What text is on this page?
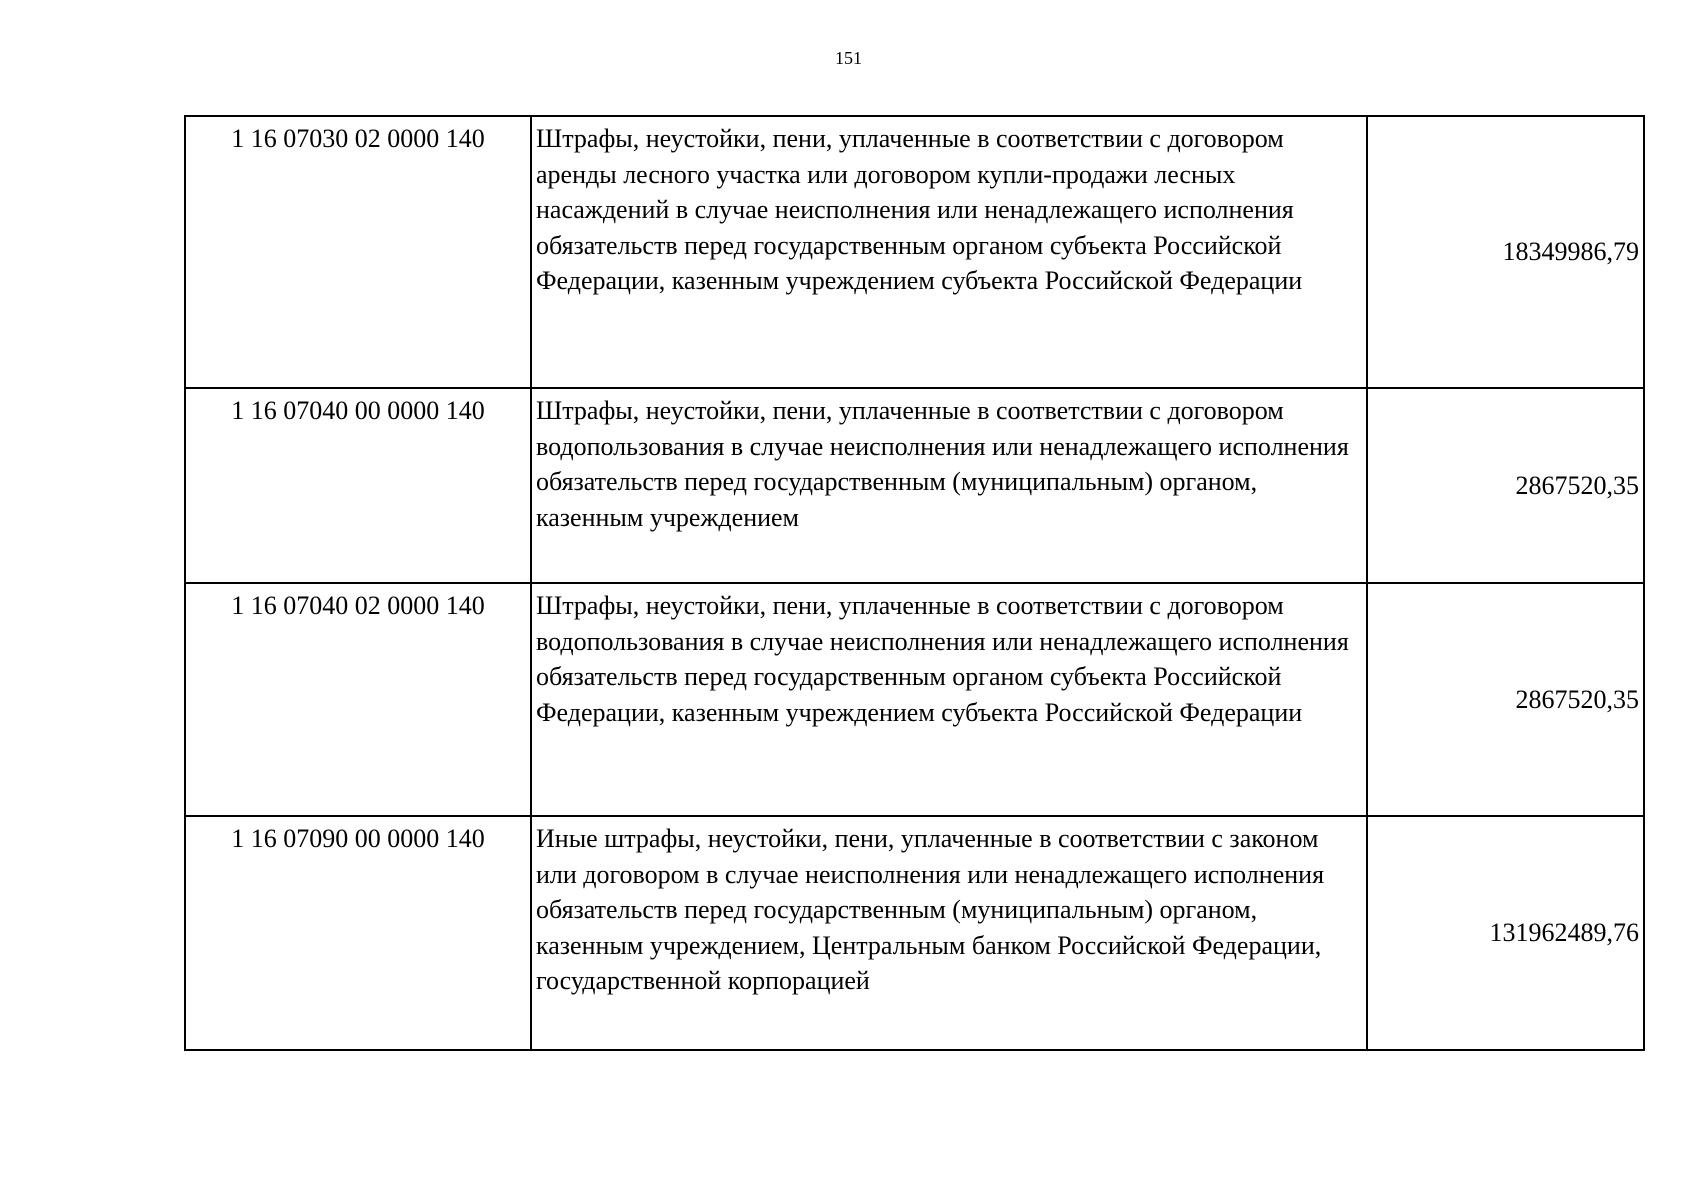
151
1 16 07030 02 0000 140	Штрафы, неустойки, пени, уплаченные в соответствии с договором аренды лесного участка или договором купли-продажи лесных насаждений в случае неисполнения или ненадлежащего исполнения обязательств перед государственным органом субъекта Российской Федерации, казенным учреждением субъекта Российской Федерации	18349986,79
1 16 07040 00 0000 140	Штрафы, неустойки, пени, уплаченные в соответствии с договором водопользования в случае неисполнения или ненадлежащего исполнения обязательств перед государственным (муниципальным) органом, казенным учреждением	2867520,35
1 16 07040 02 0000 140	Штрафы, неустойки, пени, уплаченные в соответствии с договором водопользования в случае неисполнения или ненадлежащего исполнения обязательств перед государственным органом субъекта Российской Федерации, казенным учреждением субъекта Российской Федерации	2867520,35
1 16 07090 00 0000 140	Иные штрафы, неустойки, пени, уплаченные в соответствии с законом или договором в случае неисполнения или ненадлежащего исполнения обязательств перед государственным (муниципальным) органом, казенным учреждением, Центральным банком Российской Федерации, государственной корпорацией	131962489,76
